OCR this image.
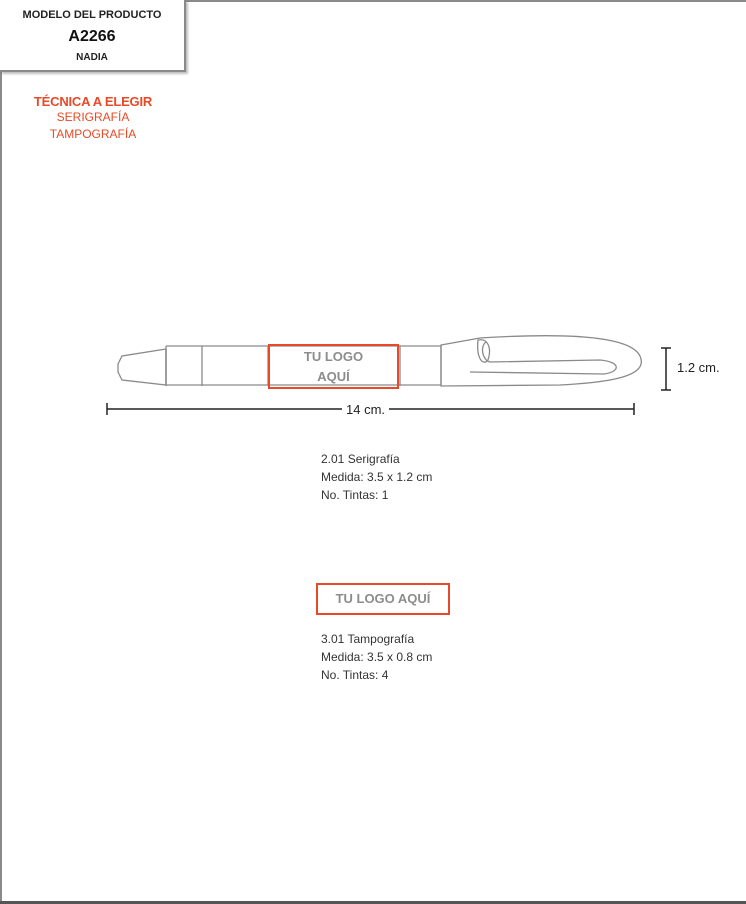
MODELO DEL PRODUCTO
A2266
NADIA
TÉCNICA A ELEGIR
SERIGRAFÍA
TAMPOGRAFÍA
TU LOGO
AQUÍ
1.2 cm.
14 cm.
2.01 Serigrafía
Medida: 3.5 x 1.2 cm
No. Tintas: 1
TU LOGO AQUÍ
3.01 Tampografía
Medida: 3.5 x 0.8 cm
No. Tintas: 4
